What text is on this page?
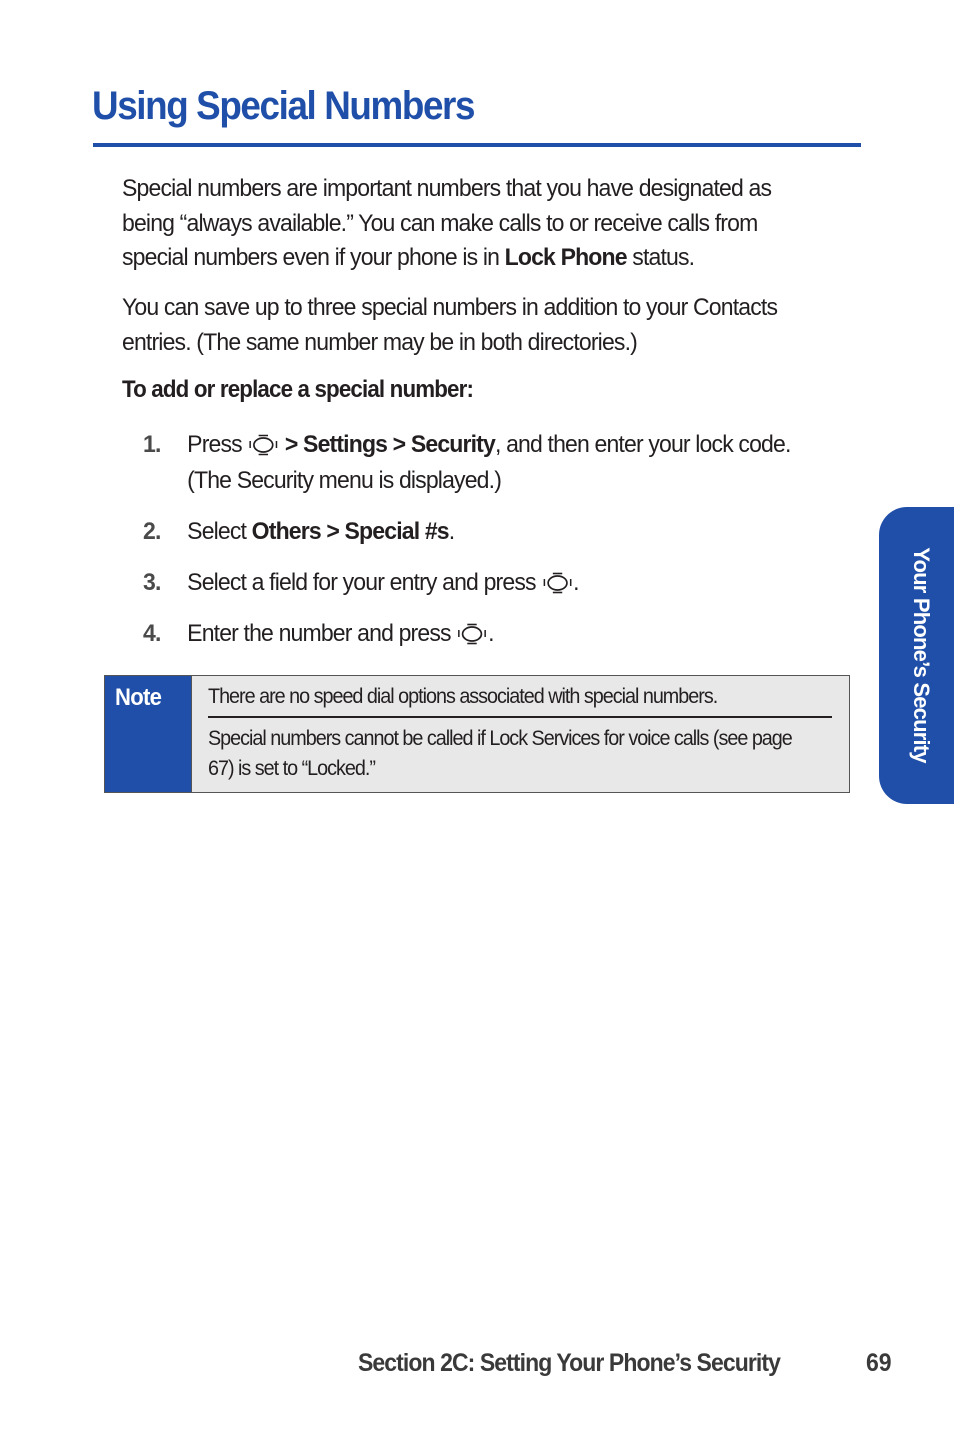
Using Special Numbers

Special numbers are important numbers that you have designated as being “always available.” You can make calls to or receive calls from special numbers even if your phone is in Lock Phone status.

You can save up to three special numbers in addition to your Contacts entries. (The same number may be in both directories.)

To add or replace a special number:

1. Press  > Settings > Security, and then enter your lock code. (The Security menu is displayed.)
2. Select Others > Special #s.
3. Select a field for your entry and press .
4. Enter the number and press .
Note There are no speed dial options associated with special numbers.
Special numbers cannot be called if Lock Services for voice calls (see page 67) is set to “Locked.”
Your Phone’s Security
Section 2C: Setting Your Phone’s Security	69
